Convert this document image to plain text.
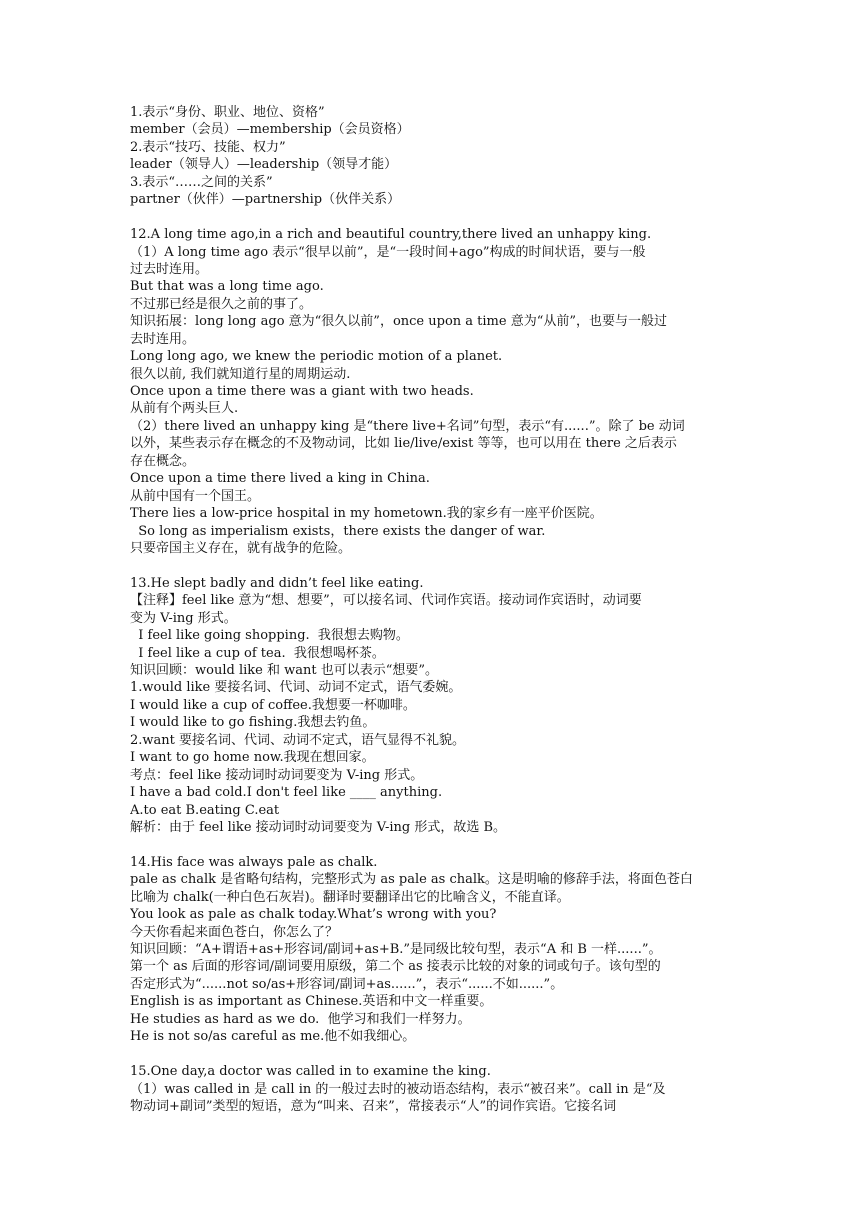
1.表示“身份、职业、地位、资格”
member（会员）—membership（会员资格）
2.表示“技巧、技能、权力”
leader（领导人）—leadership（领导才能）
3.表示“……之间的关系”
partner（伙伴）—partnership（伙伴关系）
12.A long time ago,in a rich and beautiful country,there lived an unhappy king.
（1）A long time ago 表示“很早以前”，是“一段时间+ago”构成的时间状语，要与一般
过去时连用。
But that was a long time ago.
不过那已经是很久之前的事了。
知识拓展：long long ago 意为“很久以前”，once upon a time 意为“从前”，也要与一般过
去时连用。
Long long ago, we knew the periodic motion of a planet.
很久以前, 我们就知道行星的周期运动.
Once upon a time there was a giant with two heads.
从前有个两头巨人.
（2）there lived an unhappy king 是“there live+名词”句型，表示“有......”。除了 be 动词
以外，某些表示存在概念的不及物动词，比如 lie/live/exist 等等，也可以用在 there 之后表示
存在概念。
Once upon a time there lived a king in China.
从前中国有一个国王。
There lies a low-price hospital in my hometown.我的家乡有一座平价医院。
So long as imperialism exists，there exists the danger of war.
只要帝国主义存在，就有战争的危险。
13.He slept badly and didn’t feel like eating.
【注释】feel like 意为“想、想要”，可以接名词、代词作宾语。接动词作宾语时，动词要
变为 V-ing 形式。
I feel like going shopping.  我很想去购物。
I feel like a cup of tea.  我很想喝杯茶。
知识回顾：would like 和 want 也可以表示“想要”。
1.would like 要接名词、代词、动词不定式，语气委婉。
I would like a cup of coffee.我想要一杯咖啡。
I would like to go fishing.我想去钓鱼。
2.want 要接名词、代词、动词不定式，语气显得不礼貌。
I want to go home now.我现在想回家。
考点：feel like 接动词时动词要变为 V-ing 形式。
I have a bad cold.I don't feel like ____ anything.
A.to eat B.eating C.eat
解析：由于 feel like 接动词时动词要变为 V-ing 形式，故选 B。
14.His face was always pale as chalk.
pale as chalk 是省略句结构，完整形式为 as pale as chalk。这是明喻的修辞手法，将面色苍白
比喻为 chalk(一种白色石灰岩)。翻译时要翻译出它的比喻含义，不能直译。
You look as pale as chalk today.What’s wrong with you?
今天你看起来面色苍白，你怎么了？
知识回顾：“A+谓语+as+形容词/副词+as+B.”是同级比较句型，表示“A 和 B 一样......”。
第一个 as 后面的形容词/副词要用原级，第二个 as 接表示比较的对象的词或句子。该句型的
否定形式为“......not so/as+形容词/副词+as......”，表示“......不如......”。
English is as important as Chinese.英语和中文一样重要。
He studies as hard as we do.  他学习和我们一样努力。
He is not so/as careful as me.他不如我细心。
15.One day,a doctor was called in to examine the king.
（1）was called in 是 call in 的一般过去时的被动语态结构，表示“被召来”。call in 是“及
物动词+副词”类型的短语，意为“叫来、召来”，常接表示“人”的词作宾语。它接名词
